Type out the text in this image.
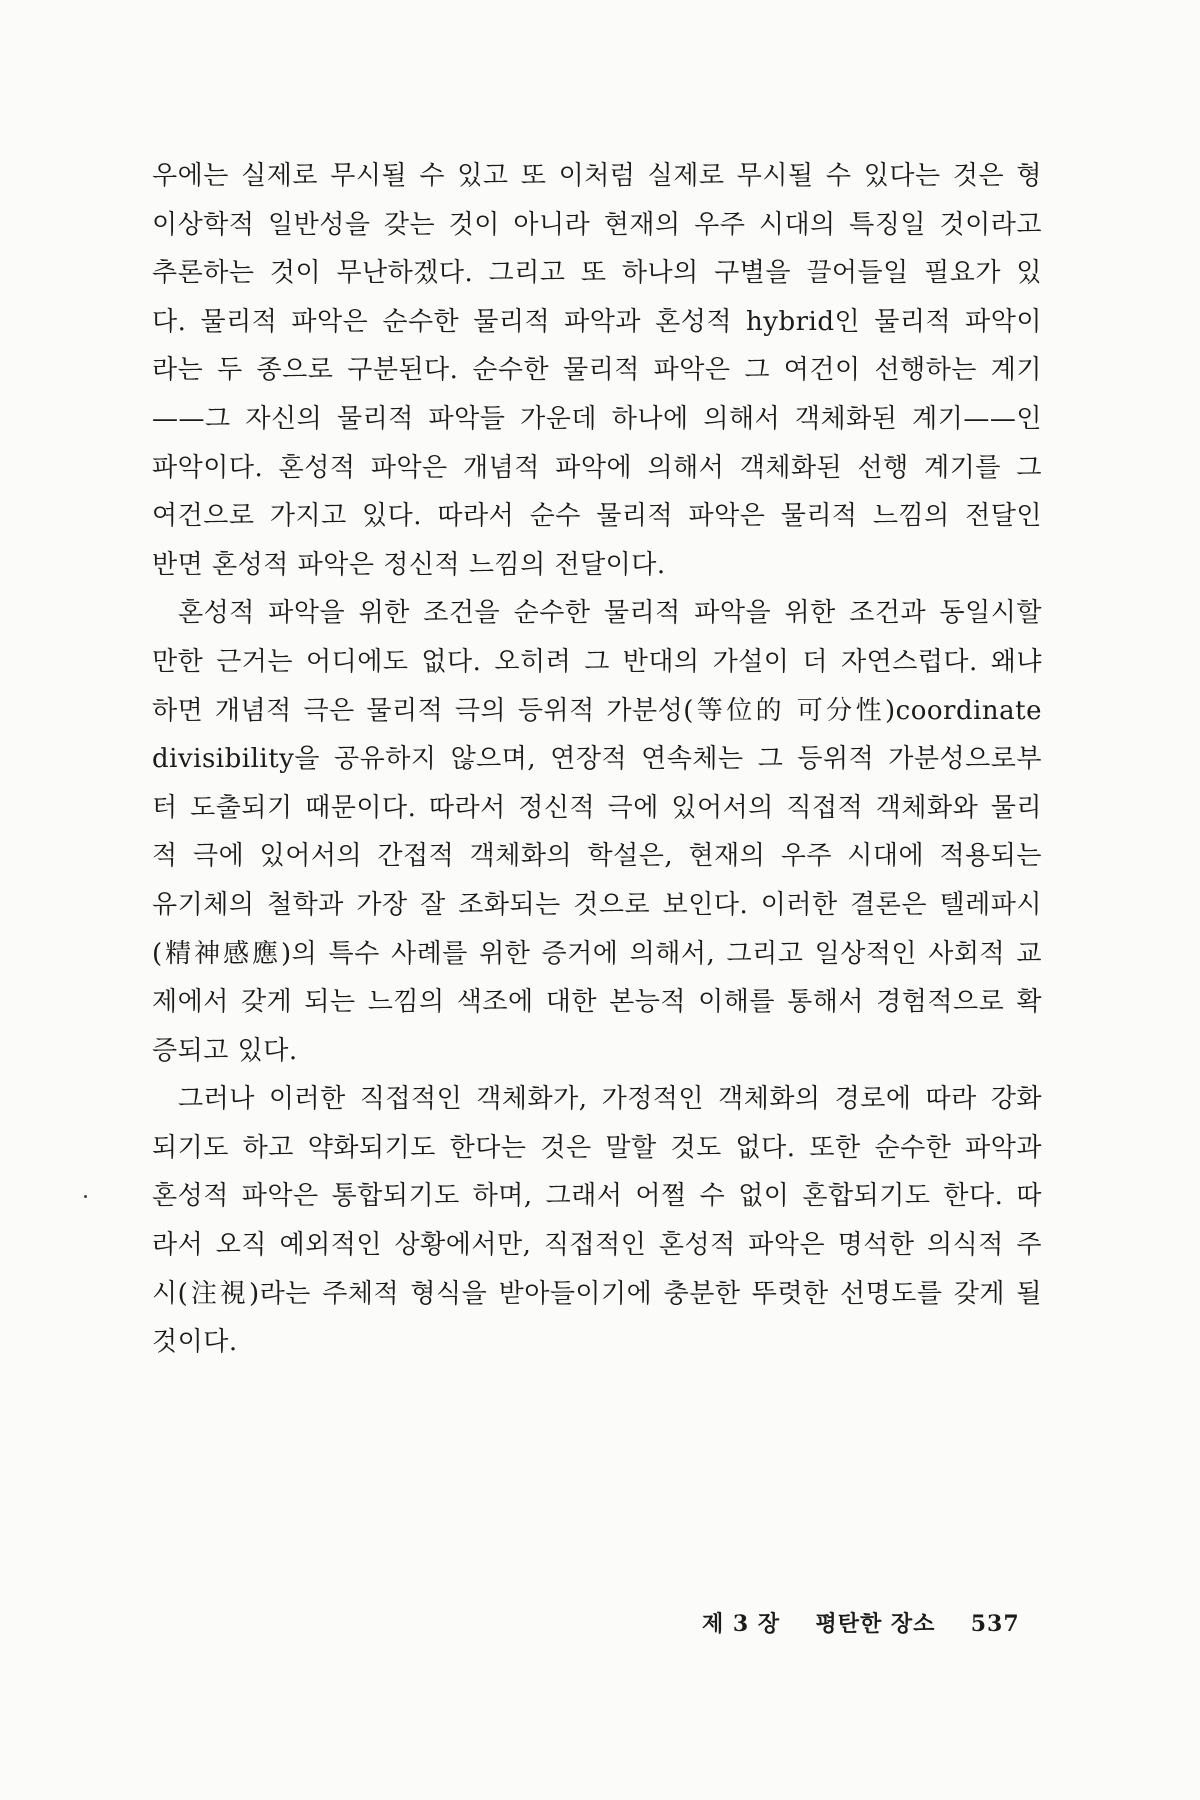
우에는 실제로 무시될 수 있고 또 이처럼 실제로 무시될 수 있다는 것은 형
이상학적 일반성을 갖는 것이 아니라 현재의 우주 시대의 특징일 것이라고
추론하는 것이 무난하겠다. 그리고 또 하나의 구별을 끌어들일 필요가 있
다. 물리적 파악은 순수한 물리적 파악과 혼성적 hybrid인 물리적 파악이
라는 두 종으로 구분된다. 순수한 물리적 파악은 그 여건이 선행하는 계기
——그 자신의 물리적 파악들 가운데 하나에 의해서 객체화된 계기——인
파악이다. 혼성적 파악은 개념적 파악에 의해서 객체화된 선행 계기를 그
여건으로 가지고 있다. 따라서 순수 물리적 파악은 물리적 느낌의 전달인
반면 혼성적 파악은 정신적 느낌의 전달이다.
혼성적 파악을 위한 조건을 순수한 물리적 파악을 위한 조건과 동일시할
만한 근거는 어디에도 없다. 오히려 그 반대의 가설이 더 자연스럽다. 왜냐
하면 개념적 극은 물리적 극의 등위적 가분성(等位的 可分性)coordinate
divisibility을 공유하지 않으며, 연장적 연속체는 그 등위적 가분성으로부
터 도출되기 때문이다. 따라서 정신적 극에 있어서의 직접적 객체화와 물리
적 극에 있어서의 간접적 객체화의 학설은, 현재의 우주 시대에 적용되는
유기체의 철학과 가장 잘 조화되는 것으로 보인다. 이러한 결론은 텔레파시
(精神感應)의 특수 사례를 위한 증거에 의해서, 그리고 일상적인 사회적 교
제에서 갖게 되는 느낌의 색조에 대한 본능적 이해를 통해서 경험적으로 확
증되고 있다.
그러나 이러한 직접적인 객체화가, 가정적인 객체화의 경로에 따라 강화
되기도 하고 약화되기도 한다는 것은 말할 것도 없다. 또한 순수한 파악과
혼성적 파악은 통합되기도 하며, 그래서 어쩔 수 없이 혼합되기도 한다. 따
라서 오직 예외적인 상황에서만, 직접적인 혼성적 파악은 명석한 의식적 주
시(注視)라는 주체적 형식을 받아들이기에 충분한 뚜렷한 선명도를 갖게 될
것이다.
제 3 장 평탄한 장소 537
